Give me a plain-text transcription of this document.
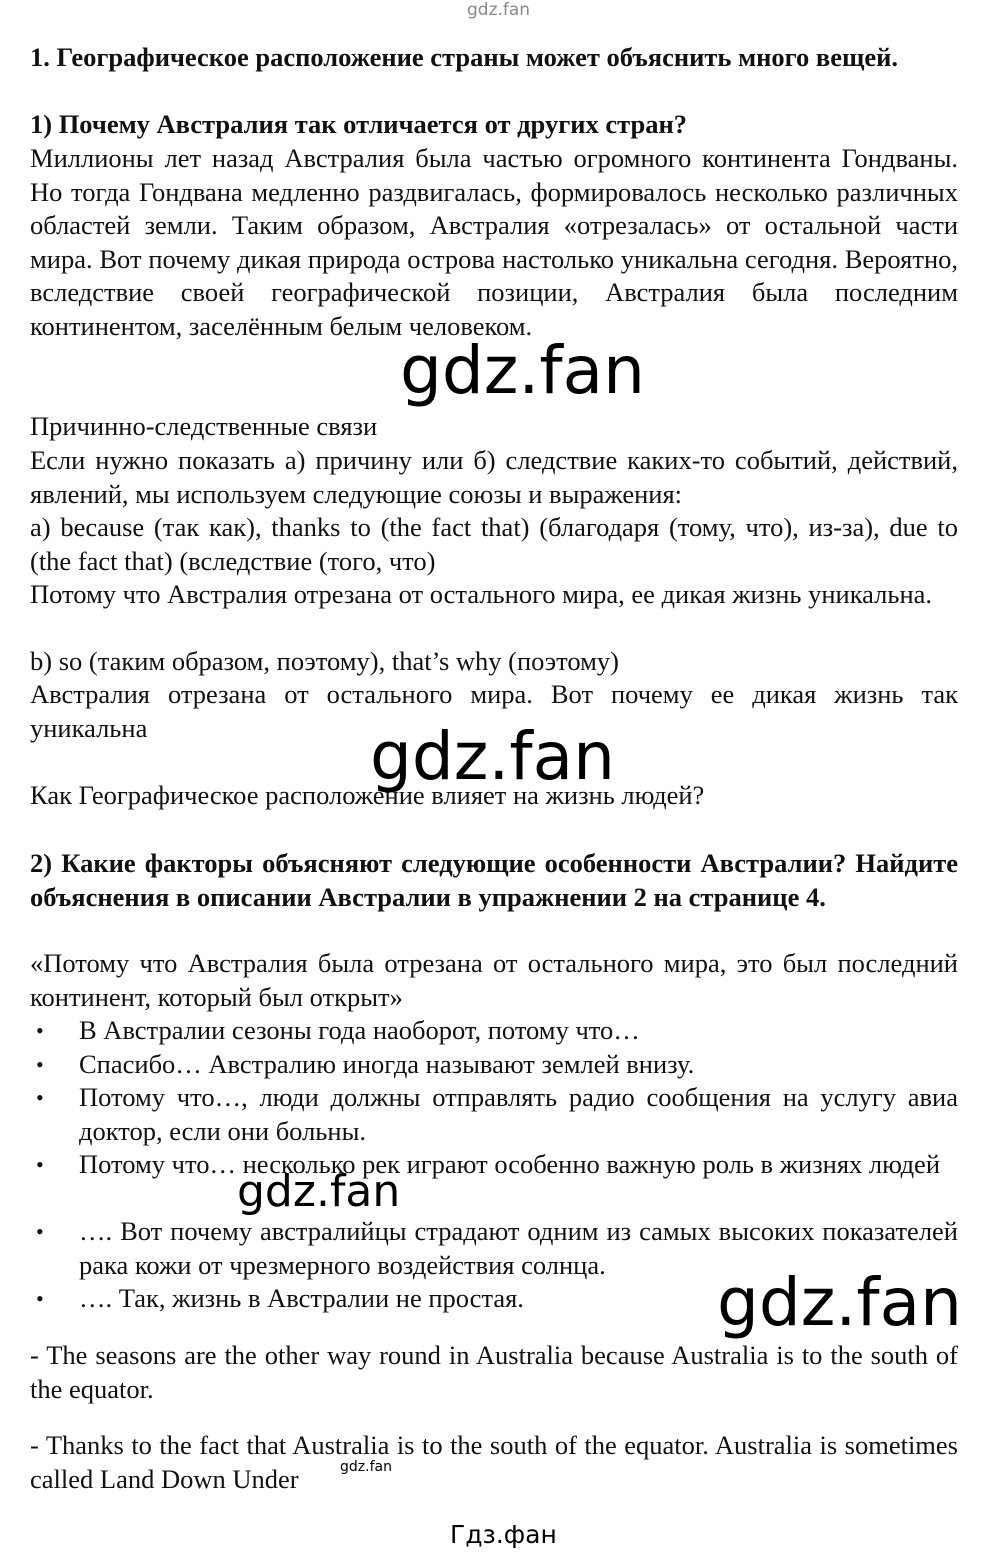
gdz.fan

1. Географическое расположение страны может объяснить много вещей.

1) Почему Австралия так отличается от других стран?

Миллионы лет назад Австралия была частью огромного континента Гондваны. Но тогда Гондвана медленно раздвигалась, формировалось несколько различных областей земли. Таким образом, Австралия «отрезалась» от остальной части мира. Вот почему дикая природа острова настолько уникальна сегодня. Вероятно, вследствие своей географической позиции, Австралия была последним континентом, заселённым белым человеком.

Причинно-следственные связи

Если нужно показать а) причину или б) следствие каких-то событий, действий, явлений, мы используем следующие союзы и выражения:

a) because (так как), thanks to (the fact that) (благодаря (тому, что), из-за), due to (the fact that) (вследствие (того, что)

Потому что Австралия отрезана от остального мира, ее дикая жизнь уникальна.

b) so (таким образом, поэтому), that’s why (поэтому)

Австралия отрезана от остального мира. Вот почему ее дикая жизнь так уникальна

Как Географическое расположение влияет на жизнь людей?

2) Какие факторы объясняют следующие особенности Австралии? Найдите объяснения в описании Австралии в упражнении 2 на странице 4.

«Потому что Австралия была отрезана от остального мира, это был последний континент, который был открыт»

•	В Австралии сезоны года наоборот, потому что…
•	Спасибо… Австралию иногда называют землей внизу.
•	Потому что…, люди должны отправлять радио сообщения на услугу авиа доктор, если они больны.
•	Потому что… несколько рек играют особенно важную роль в жизнях людей
•	…. Вот почему австралийцы страдают одним из самых высоких показателей рака кожи от чрезмерного воздействия солнца.
•	…. Так, жизнь в Австралии не простая.

- The seasons are the other way round in Australia because Australia is to the south of the equator.

- Thanks to the fact that Australia is to the south of the equator. Australia is sometimes called Land Down Under

gdz.fan
gdz.fan
gdz.fan
gdz.fan
gdz.fan
Гдз.фан
